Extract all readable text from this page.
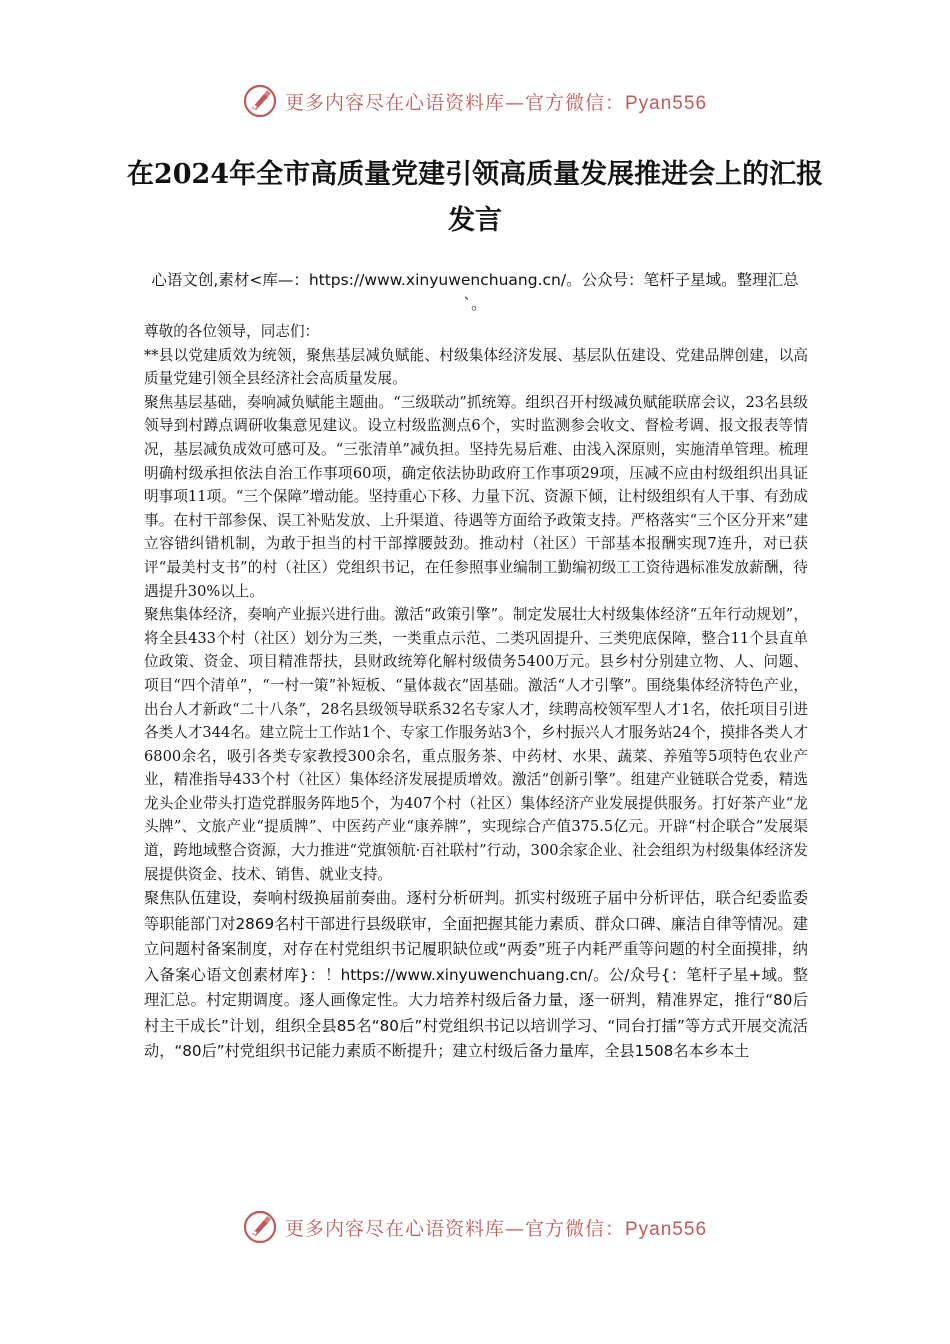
更多内容尽在心语资料库—官方微信：Pyan556
在2024年全市高质量党建引领高质量发展推进会上的汇报发言
心语文创,素材<库—：https://www.xinyuwenchuang.cn/。公众号：笔杆子星域。整理汇总`。

尊敬的各位领导，同志们：

**县以党建质效为统领，聚焦基层减负赋能、村级集体经济发展、基层队伍建设、党建品牌创建，以高质量党建引领全县经济社会高质量发展。

聚焦基层基础，奏响减负赋能主题曲。“三级联动”抓统筹。组织召开村级减负赋能联席会议，23名县级领导到村蹲点调研收集意见建议。设立村级监测点6个，实时监测参会收文、督检考调、报文报表等情况，基层减负成效可感可及。“三张清单”减负担。坚持先易后难、由浅入深原则，实施清单管理。梳理明确村级承担依法自治工作事项60项，确定依法协助政府工作事项29项，压减不应由村级组织出具证明事项11项。“三个保障”增动能。坚持重心下移、力量下沉、资源下倾，让村级组织有人干事、有劲成事。在村干部参保、误工补贴发放、上升渠道、待遇等方面给予政策支持。严格落实“三个区分开来”建立容错纠错机制，为敢于担当的村干部撑腰鼓劲。推动村（社区）干部基本报酬实现7连升，对已获评“最美村支书”的村（社区）党组织书记，在任参照事业编制工勤编初级工工资待遇标准发放薪酬，待遇提升30%以上。

聚焦集体经济，奏响产业振兴进行曲。激活“政策引擎”。制定发展壮大村级集体经济“五年行动规划”，将全县433个村（社区）划分为三类，一类重点示范、二类巩固提升、三类兜底保障，整合11个县直单位政策、资金、项目精准帮扶，县财政统筹化解村级债务5400万元。县乡村分别建立物、人、问题、项目“四个清单”，“一村一策”补短板、“量体裁衣”固基础。激活“人才引擎”。围绕集体经济特色产业，出台人才新政“二十八条”，28名县级领导联系32名专家人才，续聘高校领军型人才1名，依托项目引进各类人才344名。建立院士工作站1个、专家工作服务站3个，乡村振兴人才服务站24个，摸排各类人才6800余名，吸引各类专家教授300余名，重点服务茶、中药材、水果、蔬菜、养殖等5项特色农业产业，精准指导433个村（社区）集体经济发展提质增效。激活“创新引擎”。组建产业链联合党委，精选龙头企业带头打造党群服务阵地5个，为407个村（社区）集体经济产业发展提供服务。打好茶产业“龙头牌”、文旅产业“提质牌”、中医药产业“康养牌”，实现综合产值375.5亿元。开辟“村企联合”发展渠道，跨地域整合资源，大力推进“党旗领航·百社联村”行动，300余家企业、社会组织为村级集体经济发展提供资金、技术、销售、就业支持。

聚焦队伍建设，奏响村级换届前奏曲。逐村分析研判。抓实村级班子届中分析评估，联合纪委监委等职能部门对2869名村干部进行县级联审，全面把握其能力素质、群众口碑、廉洁自律等情况。建立问题村备案制度，对存在村党组织书记履职缺位或“两委”班子内耗严重等问题的村全面摸排，纳入备案心语文创素材库}：！https://www.xinyuwenchuang.cn/。公/众号{：笔杆子星+域。整理汇总。村定期调度。逐人画像定性。大力培养村级后备力量，逐一研判，精准界定，推行“80后村主干成长”计划，组织全县85名“80后”村党组织书记以培训学习、“同台打擂”等方式开展交流活动，“80后”村党组织书记能力素质不断提升；建立村级后备力量库，全县1508名本乡本土

更多内容尽在心语资料库—官方微信：Pyan556
